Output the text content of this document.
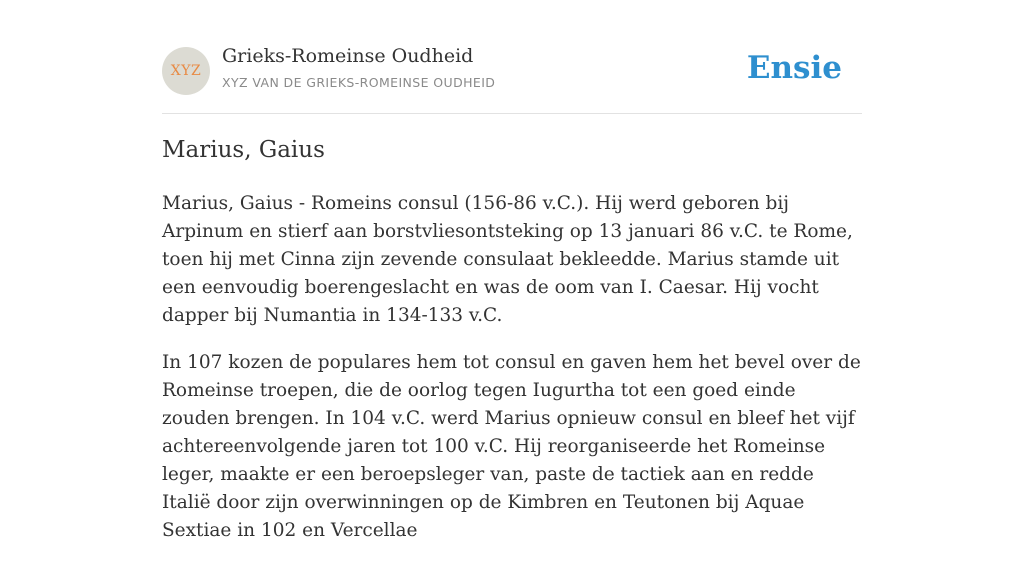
XYZ
Grieks-Romeinse Oudheid
XYZ VAN DE GRIEKS-ROMEINSE OUDHEID	Ensie
Marius, Gaius

Marius, Gaius - Romeins consul (156-86 v.C.). Hij werd geboren bij Arpinum en stierf aan borstvliesontsteking op 13 januari 86 v.C. te Rome, toen hij met Cinna zijn zevende consulaat bekleedde. Marius stamde uit een eenvoudig boerengeslacht en was de oom van I. Caesar. Hij vocht dapper bij Numantia in 134-133 v.C.

In 107 kozen de populares hem tot consul en gaven hem het bevel over de Romeinse troepen, die de oorlog tegen Iugurtha tot een goed einde zouden brengen. In 104 v.C. werd Marius opnieuw consul en bleef het vijf achtereenvolgende jaren tot 100 v.C. Hij reorganiseerde het Romeinse leger, maakte er een beroepsleger van, paste de tactiek aan en redde Italië door zijn overwinningen op de Kimbren en Teutonen bij Aquae Sextiae in 102 en Vercellae
